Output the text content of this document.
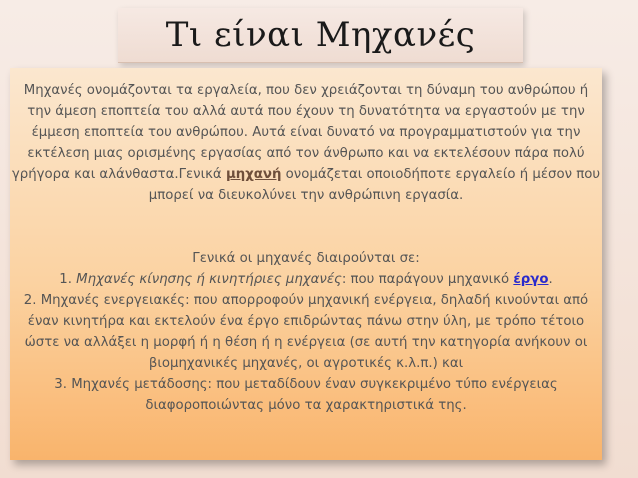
Τι είναι Μηχανές

Μηχανές ονομάζονται τα εργαλεία, που δεν χρειάζονται τη δύναμη του ανθρώπου ή την άμεση εποπτεία του αλλά αυτά που έχουν τη δυνατότητα να εργαστούν με την έμμεση εποπτεία του ανθρώπου. Αυτά είναι δυνατό να προγραμματιστούν για την εκτέλεση μιας ορισμένης εργασίας από τον άνθρωπο και να εκτελέσουν πάρα πολύ γρήγορα και αλάνθαστα.Γενικά μηχανή ονομάζεται οποιοδήποτε εργαλείο ή μέσον που μπορεί να διευκολύνει την ανθρώπινη εργασία.

Γενικά οι μηχανές διαιρούνται σε:

1. Μηχανές κίνησης ή κινητήριες μηχανές: που παράγουν μηχανικό έργο.

2. Μηχανές ενεργειακές: που απορροφούν μηχανική ενέργεια, δηλαδή κινούνται από έναν κινητήρα και εκτελούν ένα έργο επιδρώντας πάνω στην ύλη, με τρόπο τέτοιο ώστε να αλλάξει η μορφή ή η θέση ή η ενέργεια (σε αυτή την κατηγορία ανήκουν οι βιομηχανικές μηχανές, οι αγροτικές κ.λ.π.) και

3. Μηχανές μετάδοσης: που μεταδίδουν έναν συγκεκριμένο τύπο ενέργειας διαφοροποιώντας μόνο τα χαρακτηριστικά της.
